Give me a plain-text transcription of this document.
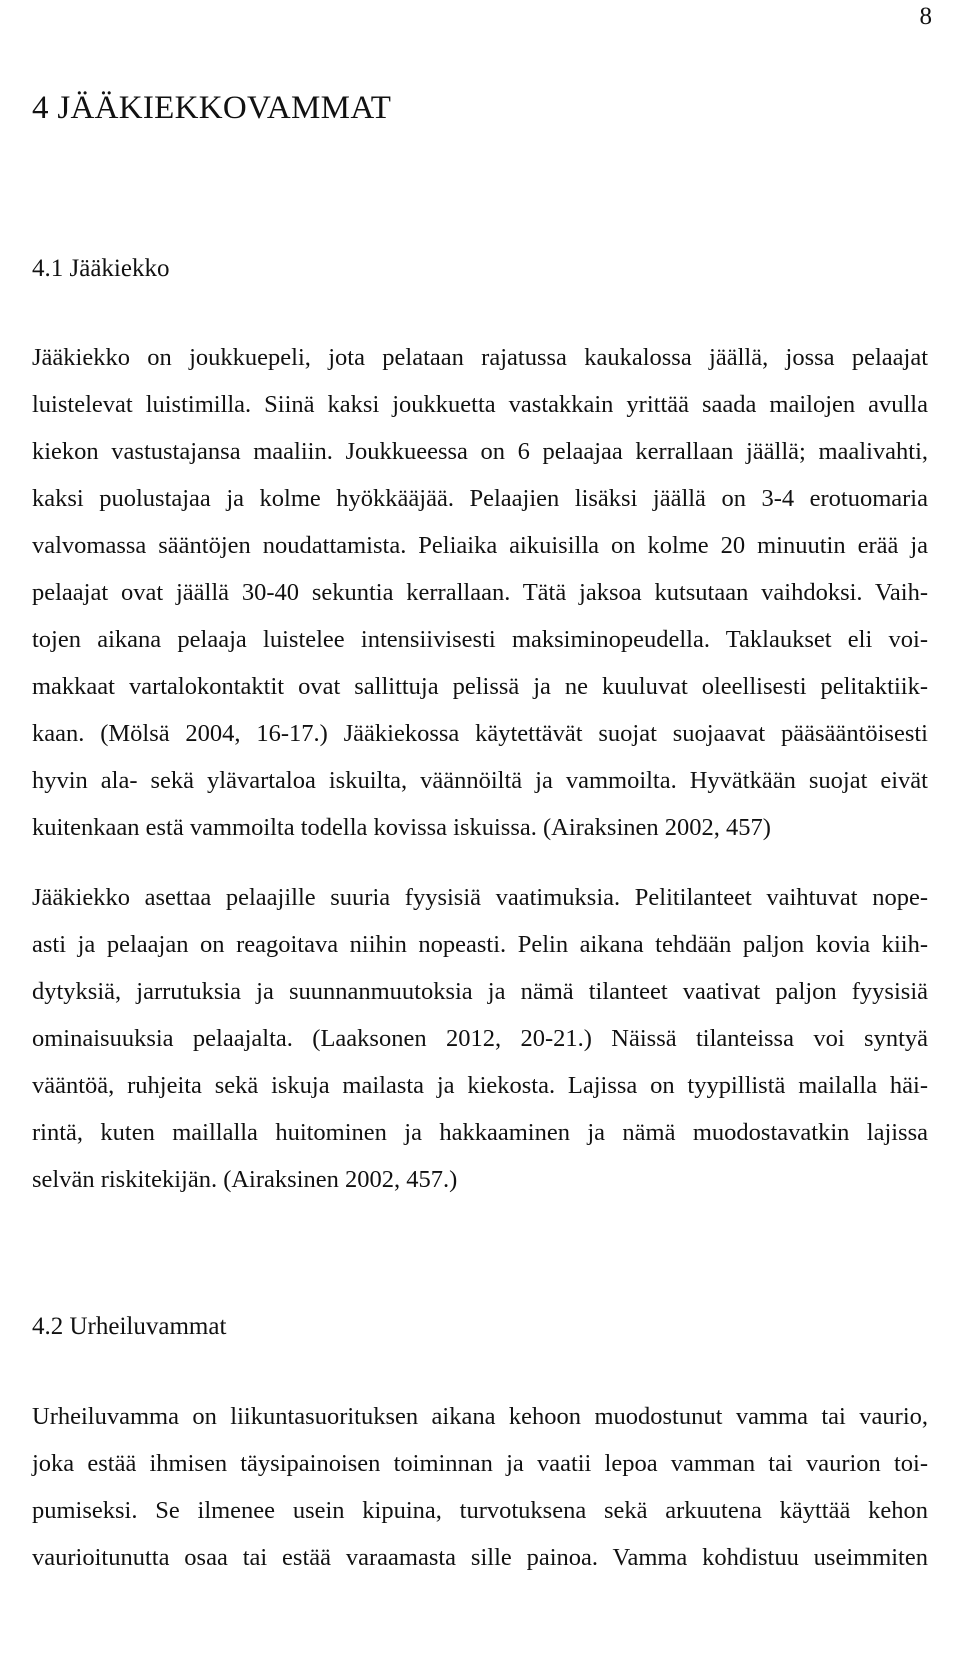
8
4 JÄÄKIEKKOVAMMAT
4.1 Jääkiekko
Jääkiekko on joukkuepeli, jota pelataan rajatussa kaukalossa jäällä, jossa pelaajat
luistelevat luistimilla. Siinä kaksi joukkuetta vastakkain yrittää saada mailojen avulla
kiekon vastustajansa maaliin. Joukkueessa on 6 pelaajaa kerrallaan jäällä; maalivahti,
kaksi puolustajaa ja kolme hyökkääjää. Pelaajien lisäksi jäällä on 3-4 erotuomaria
valvomassa sääntöjen noudattamista. Peliaika aikuisilla on kolme 20 minuutin erää ja
pelaajat ovat jäällä 30-40 sekuntia kerrallaan. Tätä jaksoa kutsutaan vaihdoksi. Vaih-
tojen aikana pelaaja luistelee intensiivisesti maksiminopeudella. Taklaukset eli voi-
makkaat vartalokontaktit ovat sallittuja pelissä ja ne kuuluvat oleellisesti pelitaktiik-
kaan. (Mölsä 2004, 16-17.) Jääkiekossa käytettävät suojat suojaavat pääsääntöisesti
hyvin ala- sekä ylävartaloa iskuilta, väännöiltä ja vammoilta. Hyvätkään suojat eivät
kuitenkaan estä vammoilta todella kovissa iskuissa. (Airaksinen 2002, 457)
Jääkiekko asettaa pelaajille suuria fyysisiä vaatimuksia. Pelitilanteet vaihtuvat nope-
asti ja pelaajan on reagoitava niihin nopeasti. Pelin aikana tehdään paljon kovia kiih-
dytyksiä, jarrutuksia ja suunnanmuutoksia ja nämä tilanteet vaativat paljon fyysisiä
ominaisuuksia pelaajalta. (Laaksonen 2012, 20-21.) Näissä tilanteissa voi syntyä
vääntöä, ruhjeita sekä iskuja mailasta ja kiekosta. Lajissa on tyypillistä mailalla häi-
rintä, kuten maillalla huitominen ja hakkaaminen ja nämä muodostavatkin lajissa
selvän riskitekijän. (Airaksinen 2002, 457.)
4.2 Urheiluvammat
Urheiluvamma on liikuntasuorituksen aikana kehoon muodostunut vamma tai vaurio,
joka estää ihmisen täysipainoisen toiminnan ja vaatii lepoa vamman tai vaurion toi-
pumiseksi. Se ilmenee usein kipuina, turvotuksena sekä arkuutena käyttää kehon
vaurioitunutta osaa tai estää varaamasta sille painoa. Vamma kohdistuu useimmiten
